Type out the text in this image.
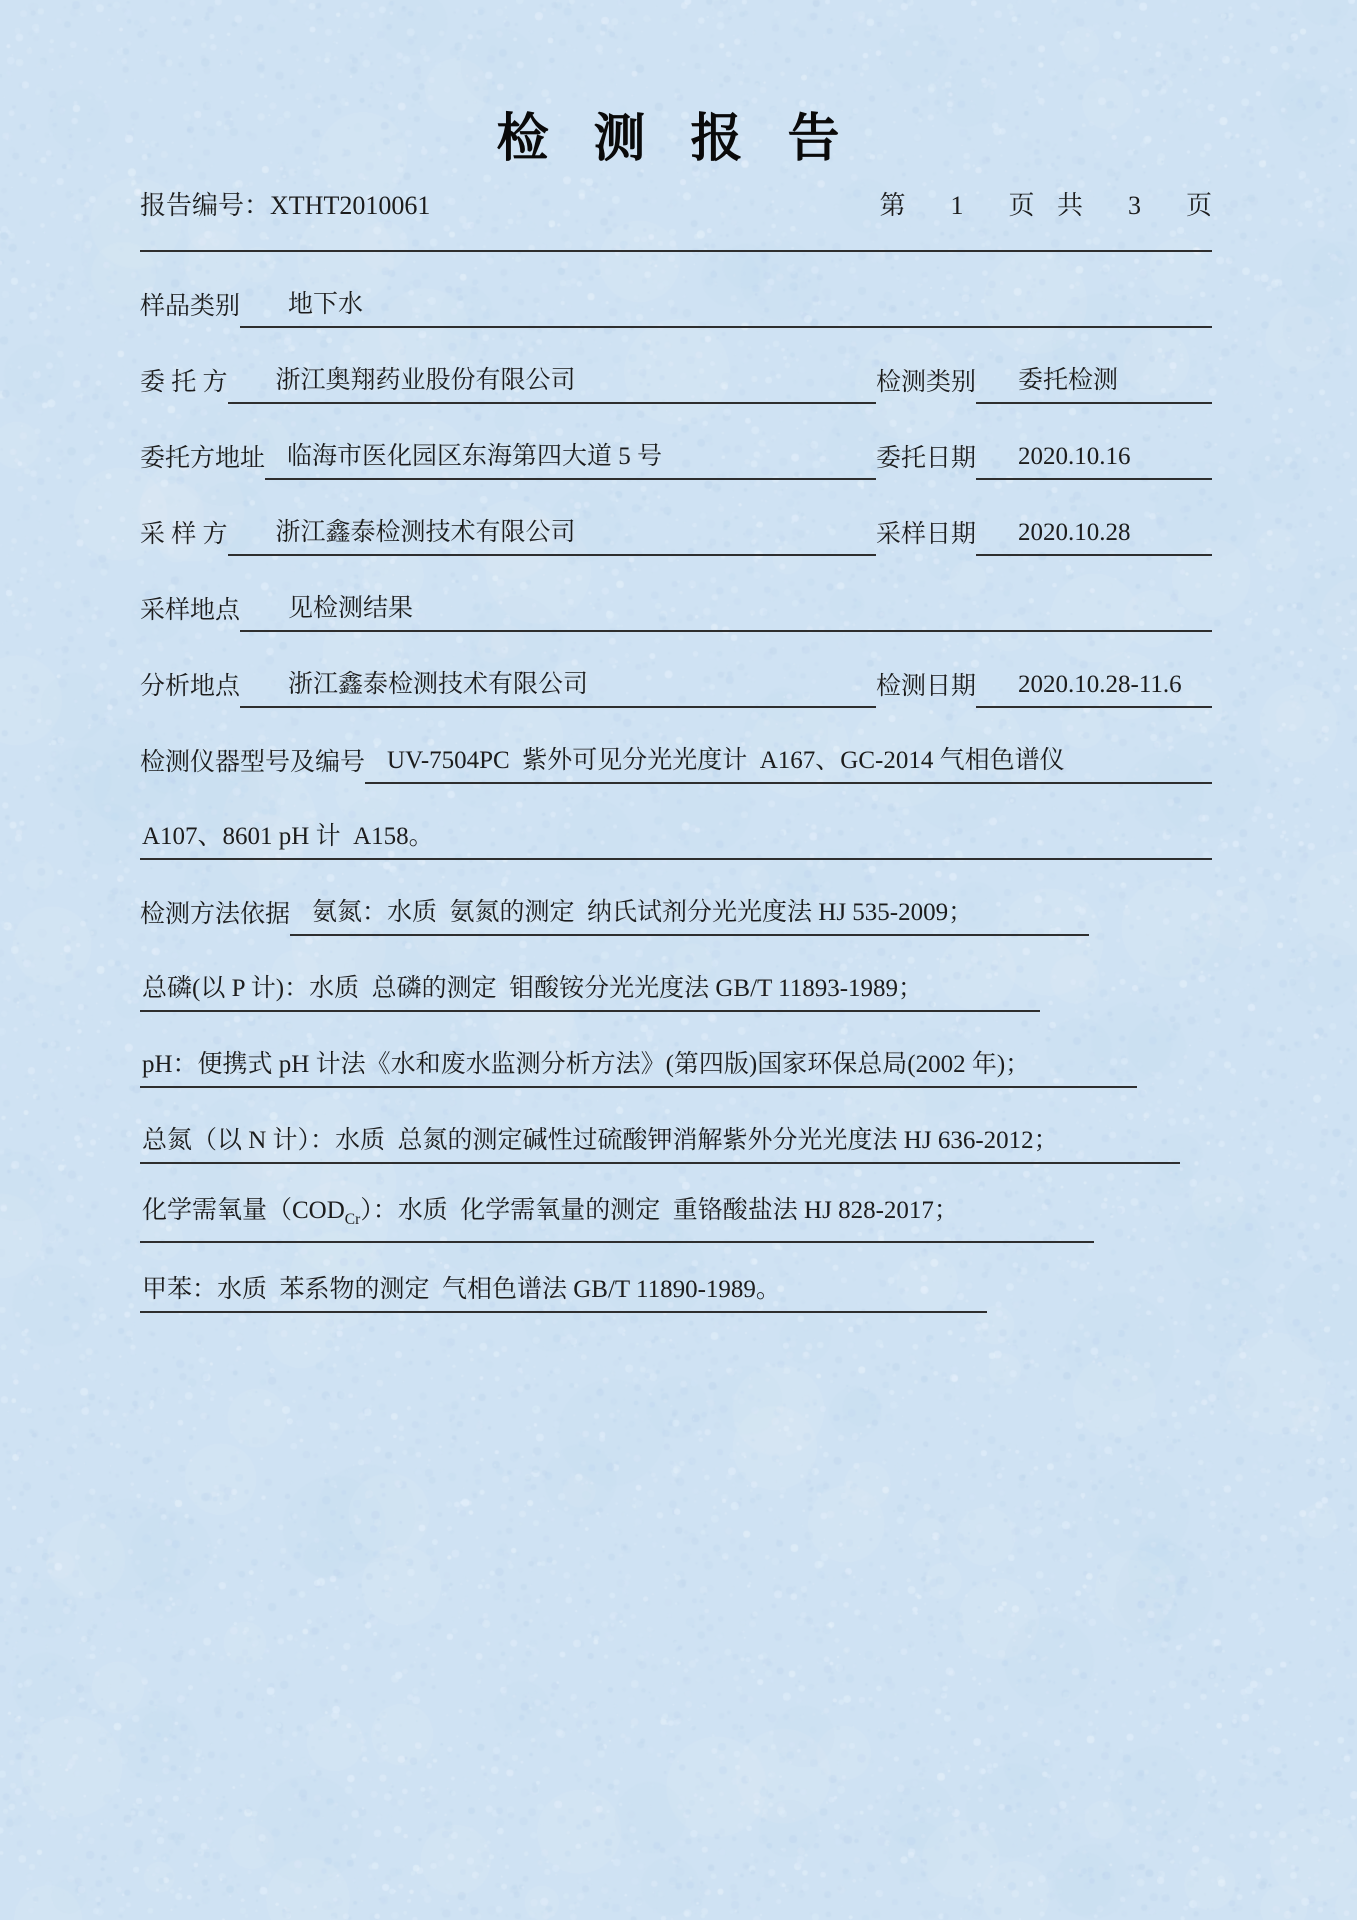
检 测 报 告
报告编号：XTHT2010061	第  1  页 共  3  页
样品类别	地下水
委 托 方	浙江奥翔药业股份有限公司	检测类别	委托检测
委托方地址 临海市医化园区东海第四大道 5 号	委托日期	2020.10.16
采 样 方	浙江鑫泰检测技术有限公司	采样日期	2020.10.28
采样地点	见检测结果
分析地点	浙江鑫泰检测技术有限公司	检测日期	2020.10.28-11.6
检测仪器型号及编号 UV-7504PC  紫外可见分光光度计  A167、GC-2014 气相色谱仪
A107、8601 pH 计  A158。
检测方法依据 氨氮：水质  氨氮的测定  纳氏试剂分光光度法 HJ 535-2009；
总磷(以 P 计)：水质  总磷的测定  钼酸铵分光光度法 GB/T 11893-1989；
pH：便携式 pH 计法《水和废水监测分析方法》(第四版)国家环保总局(2002 年)；
总氮（以 N 计）：水质  总氮的测定碱性过硫酸钾消解紫外分光光度法 HJ 636-2012；
化学需氧量$(COD_{Cr})$：水质  化学需氧量的测定  重铬酸盐法 HJ 828-2017；
甲苯：水质  苯系物的测定  气相色谱法 GB/T 11890-1989。
